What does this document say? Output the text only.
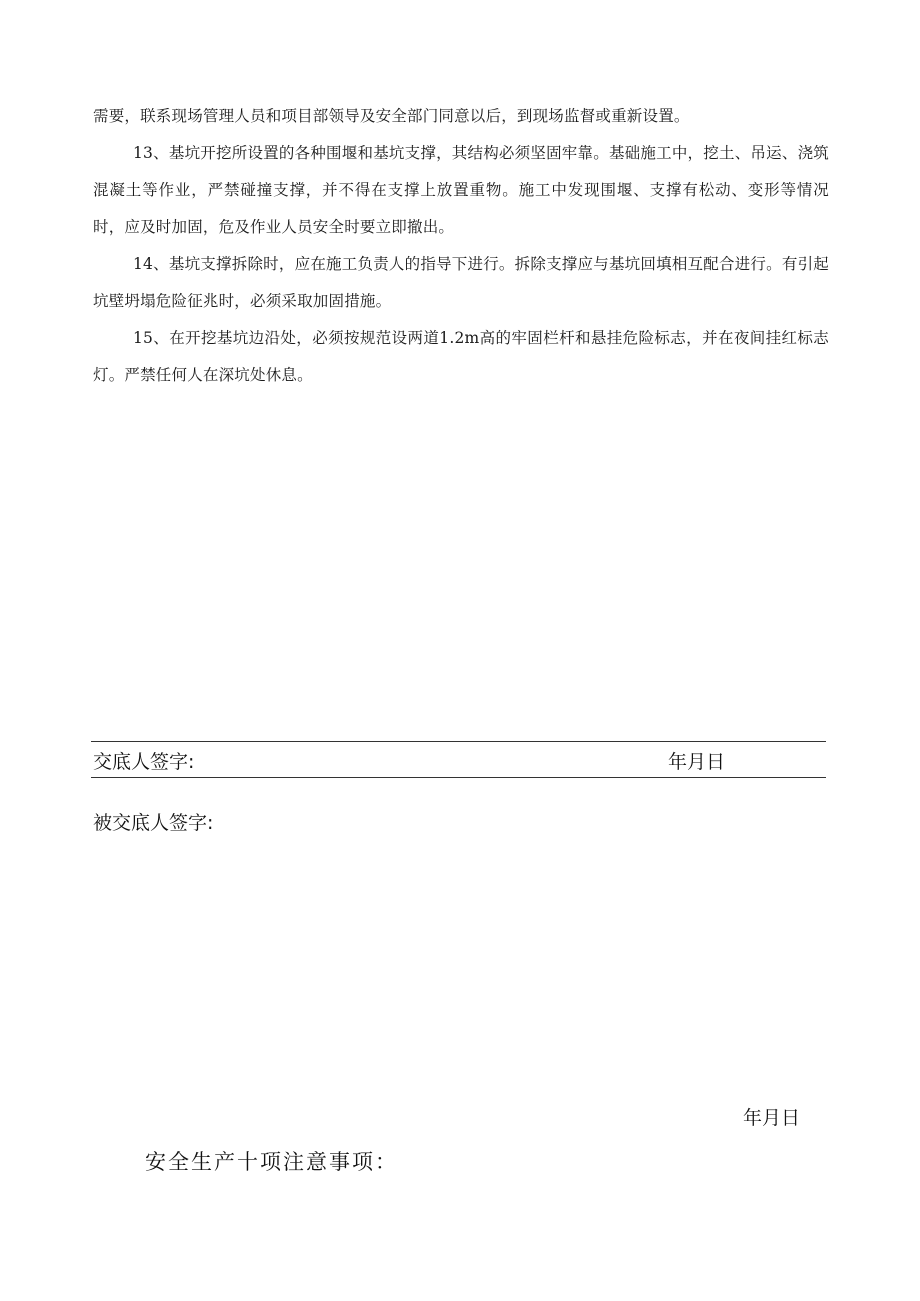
需要，联系现场管理人员和项目部领导及安全部门同意以后，到现场监督或重新设置。

13、基坑开挖所设置的各种围堰和基坑支撑，其结构必须坚固牢靠。基础施工中，挖土、吊运、浇筑混凝土等作业，严禁碰撞支撑，并不得在支撑上放置重物。施工中发现围堰、支撑有松动、变形等情况时，应及时加固，危及作业人员安全时要立即撤出。

14、基坑支撑拆除时，应在施工负责人的指导下进行。拆除支撑应与基坑回填相互配合进行。有引起坑壁坍塌危险征兆时，必须采取加固措施。

15、在开挖基坑边沿处，必须按规范设两道1.2m高的牢固栏杆和悬挂危险标志，并在夜间挂红标志灯。严禁任何人在深坑处休息。

交底人签字:	年月日
被交底人签字:
年月日
安全生产十项注意事项：
